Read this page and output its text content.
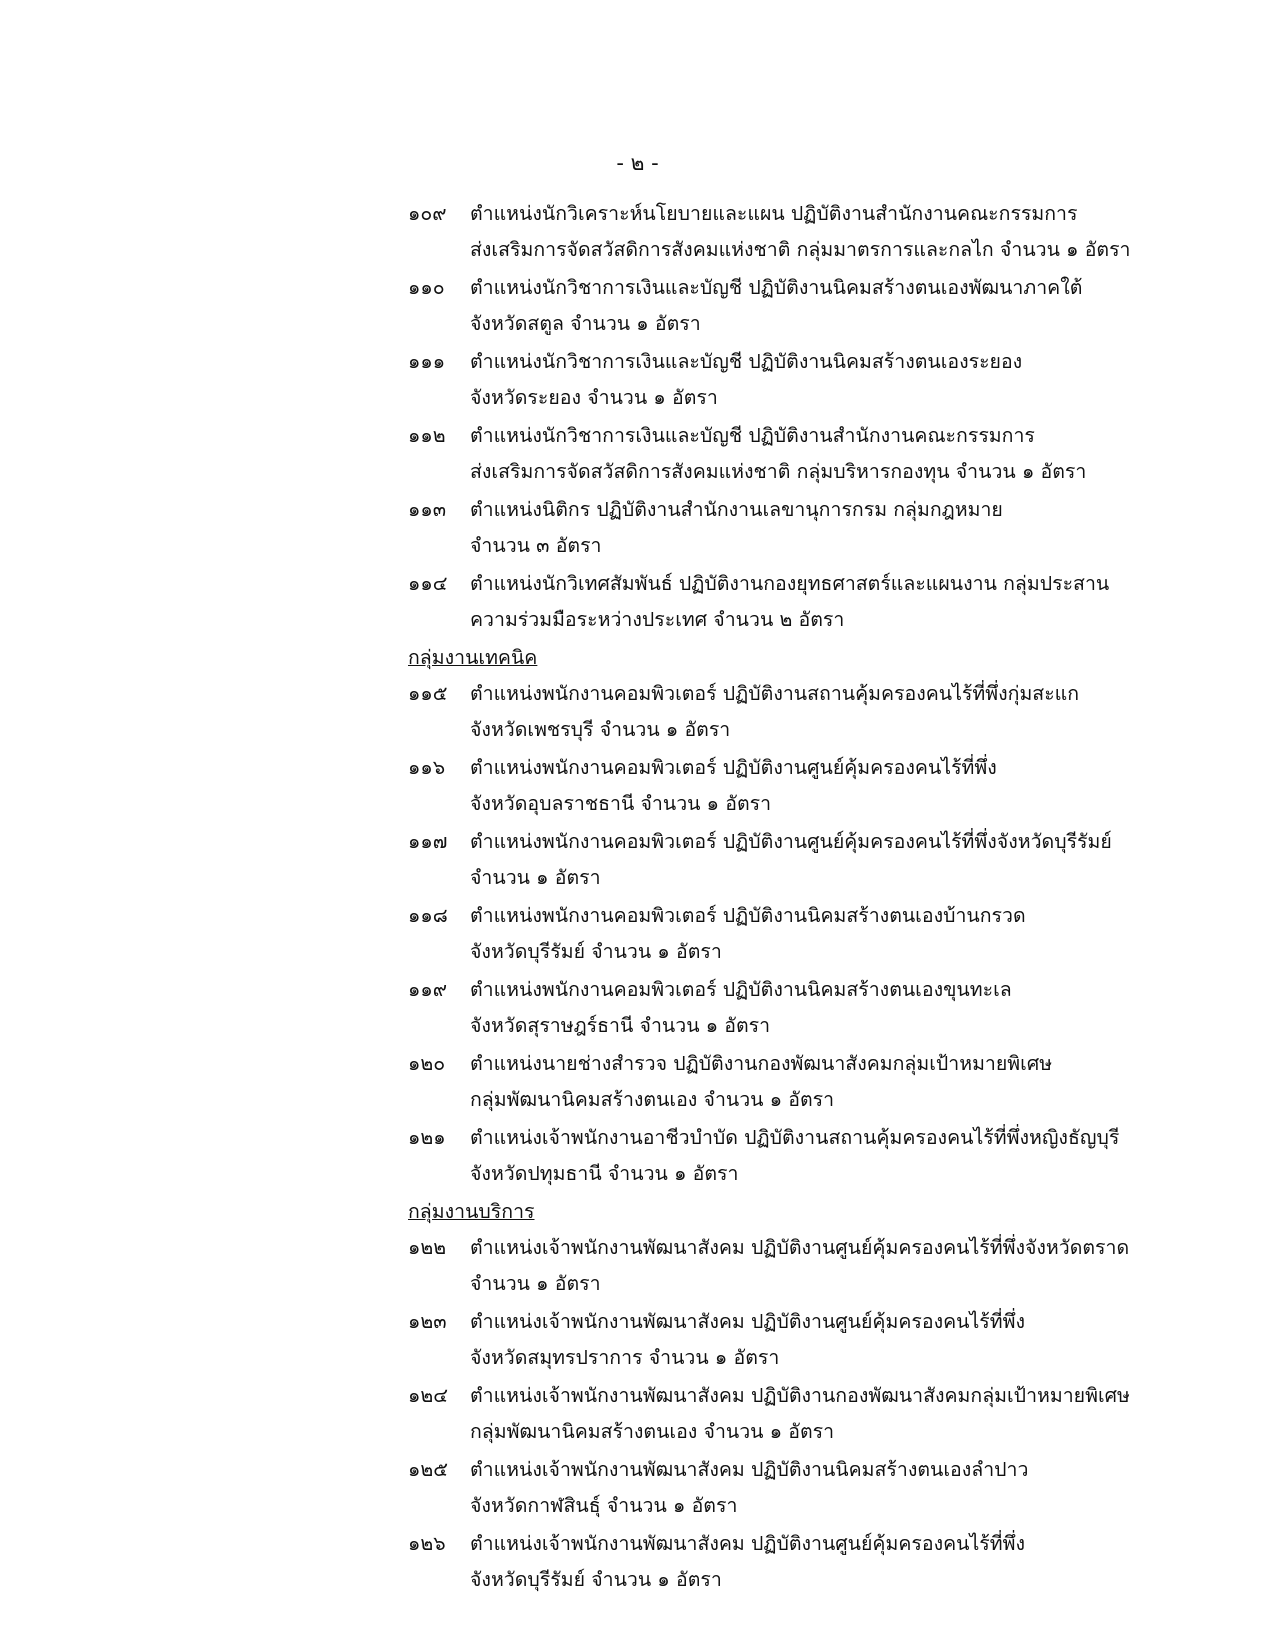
- ๒ -
๑๐๙ ตำแหน่งนักวิเคราะห์นโยบายและแผน ปฏิบัติงานสำนักงานคณะกรรมการ
ส่งเสริมการจัดสวัสดิการสังคมแห่งชาติ กลุ่มมาตรการและกลไก จำนวน ๑ อัตรา
๑๑๐ ตำแหน่งนักวิชาการเงินและบัญชี ปฏิบัติงานนิคมสร้างตนเองพัฒนาภาคใต้
จังหวัดสตูล จำนวน ๑ อัตรา
๑๑๑ ตำแหน่งนักวิชาการเงินและบัญชี ปฏิบัติงานนิคมสร้างตนเองระยอง
จังหวัดระยอง จำนวน ๑ อัตรา
๑๑๒ ตำแหน่งนักวิชาการเงินและบัญชี ปฏิบัติงานสำนักงานคณะกรรมการ
ส่งเสริมการจัดสวัสดิการสังคมแห่งชาติ กลุ่มบริหารกองทุน จำนวน ๑ อัตรา
๑๑๓ ตำแหน่งนิติกร ปฏิบัติงานสำนักงานเลขานุการกรม กลุ่มกฎหมาย
จำนวน ๓ อัตรา
๑๑๔ ตำแหน่งนักวิเทศสัมพันธ์ ปฏิบัติงานกองยุทธศาสตร์และแผนงาน กลุ่มประสาน
ความร่วมมือระหว่างประเทศ จำนวน ๒ อัตรา
กลุ่มงานเทคนิค
๑๑๕ ตำแหน่งพนักงานคอมพิวเตอร์ ปฏิบัติงานสถานคุ้มครองคนไร้ที่พึ่งกุ่มสะแก
จังหวัดเพชรบุรี จำนวน ๑ อัตรา
๑๑๖ ตำแหน่งพนักงานคอมพิวเตอร์ ปฏิบัติงานศูนย์คุ้มครองคนไร้ที่พึ่ง
จังหวัดอุบลราชธานี จำนวน ๑ อัตรา
๑๑๗ ตำแหน่งพนักงานคอมพิวเตอร์ ปฏิบัติงานศูนย์คุ้มครองคนไร้ที่พึ่งจังหวัดบุรีรัมย์
จำนวน ๑ อัตรา
๑๑๘ ตำแหน่งพนักงานคอมพิวเตอร์ ปฏิบัติงานนิคมสร้างตนเองบ้านกรวด
จังหวัดบุรีรัมย์ จำนวน ๑ อัตรา
๑๑๙ ตำแหน่งพนักงานคอมพิวเตอร์ ปฏิบัติงานนิคมสร้างตนเองขุนทะเล
จังหวัดสุราษฎร์ธานี จำนวน ๑ อัตรา
๑๒๐ ตำแหน่งนายช่างสำรวจ ปฏิบัติงานกองพัฒนาสังคมกลุ่มเป้าหมายพิเศษ
กลุ่มพัฒนานิคมสร้างตนเอง จำนวน ๑ อัตรา
๑๒๑ ตำแหน่งเจ้าพนักงานอาชีวบำบัด ปฏิบัติงานสถานคุ้มครองคนไร้ที่พึ่งหญิงธัญบุรี
จังหวัดปทุมธานี จำนวน ๑ อัตรา
กลุ่มงานบริการ
๑๒๒ ตำแหน่งเจ้าพนักงานพัฒนาสังคม ปฏิบัติงานศูนย์คุ้มครองคนไร้ที่พึ่งจังหวัดตราด
จำนวน ๑ อัตรา
๑๒๓ ตำแหน่งเจ้าพนักงานพัฒนาสังคม ปฏิบัติงานศูนย์คุ้มครองคนไร้ที่พึ่ง
จังหวัดสมุทรปราการ จำนวน ๑ อัตรา
๑๒๔ ตำแหน่งเจ้าพนักงานพัฒนาสังคม ปฏิบัติงานกองพัฒนาสังคมกลุ่มเป้าหมายพิเศษ
กลุ่มพัฒนานิคมสร้างตนเอง จำนวน ๑ อัตรา
๑๒๕ ตำแหน่งเจ้าพนักงานพัฒนาสังคม ปฏิบัติงานนิคมสร้างตนเองลำปาว
จังหวัดกาฬสินธุ์ จำนวน ๑ อัตรา
๑๒๖ ตำแหน่งเจ้าพนักงานพัฒนาสังคม ปฏิบัติงานศูนย์คุ้มครองคนไร้ที่พึ่ง
จังหวัดบุรีรัมย์ จำนวน ๑ อัตรา
